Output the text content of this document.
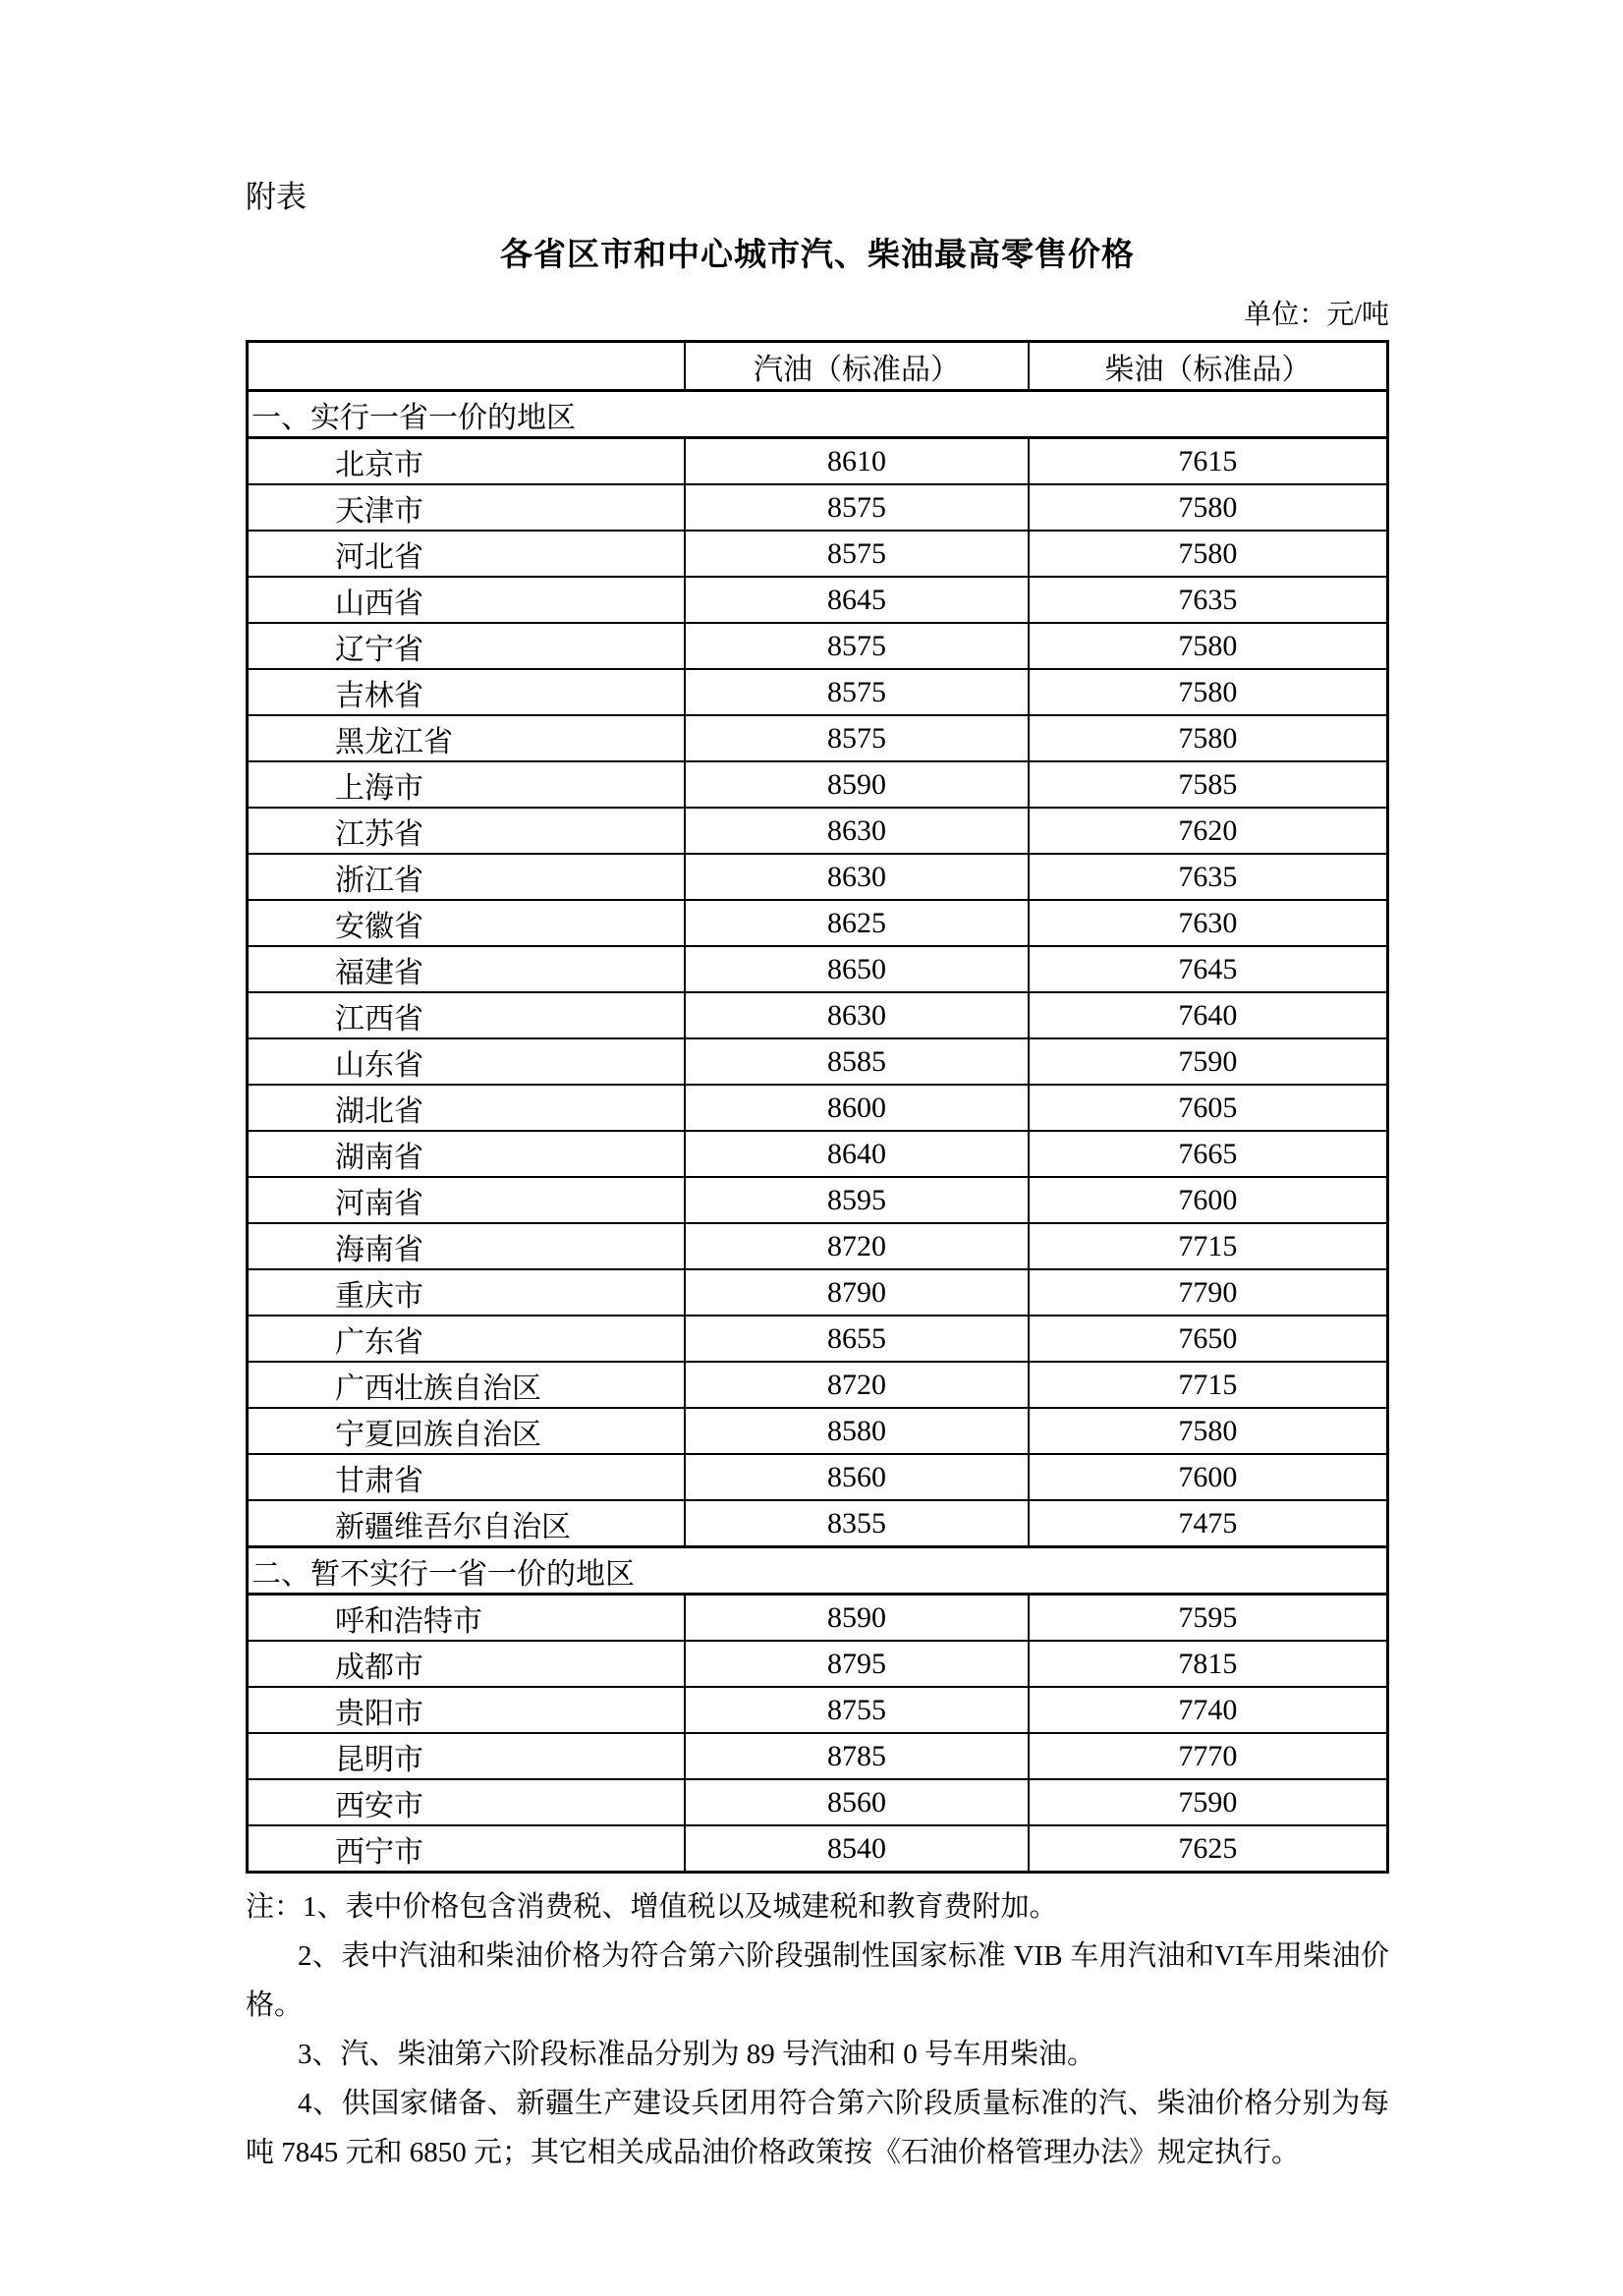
附表
各省区市和中心城市汽、柴油最高零售价格
单位：元/吨
	汽油（标准品）	柴油（标准品）
一、实行一省一价的地区		
北京市	8610	7615
天津市	8575	7580
河北省	8575	7580
山西省	8645	7635
辽宁省	8575	7580
吉林省	8575	7580
黑龙江省	8575	7580
上海市	8590	7585
江苏省	8630	7620
浙江省	8630	7635
安徽省	8625	7630
福建省	8650	7645
江西省	8630	7640
山东省	8585	7590
湖北省	8600	7605
湖南省	8640	7665
河南省	8595	7600
海南省	8720	7715
重庆市	8790	7790
广东省	8655	7650
广西壮族自治区	8720	7715
宁夏回族自治区	8580	7580
甘肃省	8560	7600
新疆维吾尔自治区	8355	7475
二、暂不实行一省一价的地区		
呼和浩特市	8590	7595
成都市	8795	7815
贵阳市	8755	7740
昆明市	8785	7770
西安市	8560	7590
西宁市	8540	7625

注：1、表中价格包含消费税、增值税以及城建税和教育费附加。

2、表中汽油和柴油价格为符合第六阶段强制性国家标准 VIB 车用汽油和VI车用柴油价格。

3、汽、柴油第六阶段标准品分别为 89 号汽油和 0 号车用柴油。

4、供国家储备、新疆生产建设兵团用符合第六阶段质量标准的汽、柴油价格分别为每吨 7845 元和 6850 元；其它相关成品油价格政策按《石油价格管理办法》规定执行。
